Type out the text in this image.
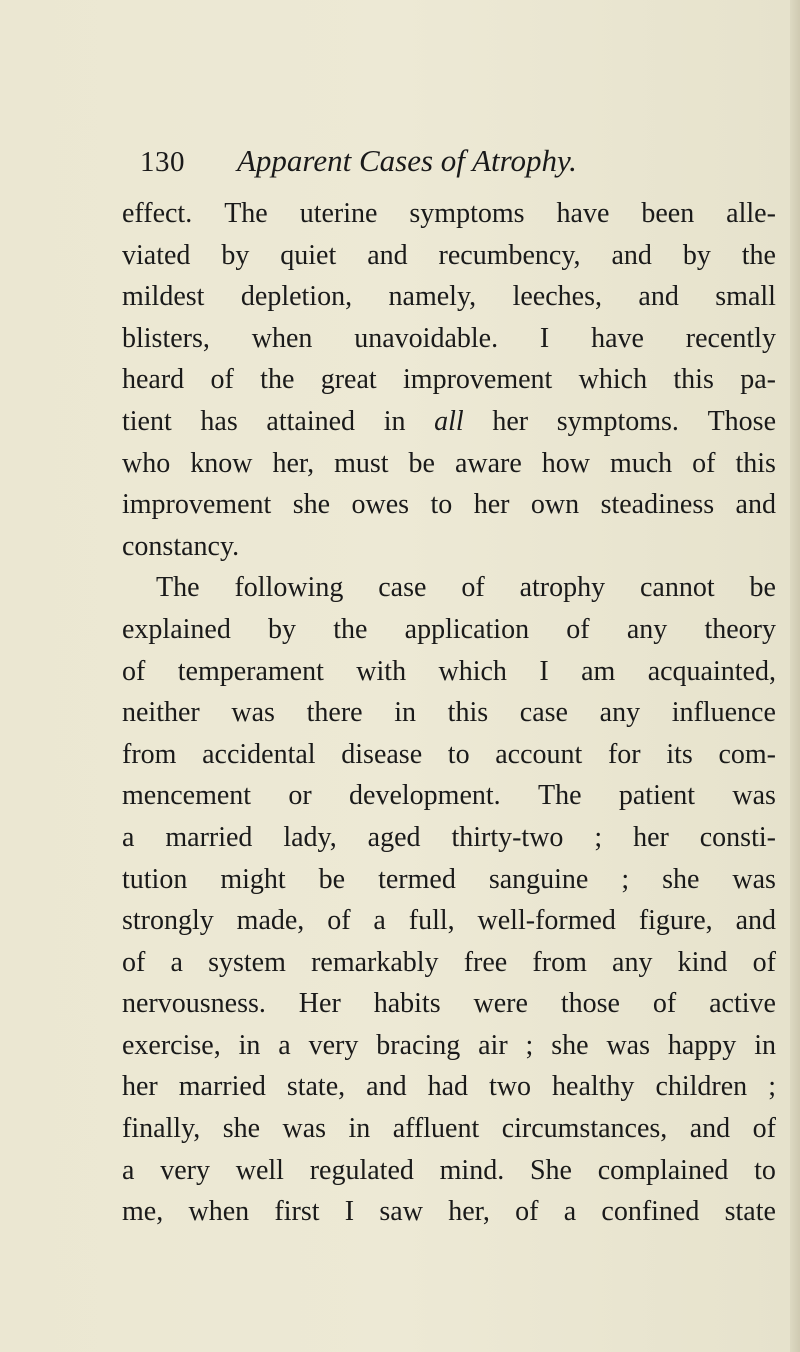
130 Apparent Cases of Atrophy.
effect. The uterine symptoms have been alle-
viated by quiet and recumbency, and by the
mildest depletion, namely, leeches, and small
blisters, when unavoidable. I have recently
heard of the great improvement which this pa-
tient has attained in all her symptoms. Those
who know her, must be aware how much of this
improvement she owes to her own steadiness and
constancy.
The following case of atrophy cannot be
explained by the application of any theory
of temperament with which I am acquainted,
neither was there in this case any influence
from accidental disease to account for its com-
mencement or development. The patient was
a married lady, aged thirty-two ; her consti-
tution might be termed sanguine ; she was
strongly made, of a full, well-formed figure, and
of a system remarkably free from any kind of
nervousness. Her habits were those of active
exercise, in a very bracing air ; she was happy in
her married state, and had two healthy children ;
finally, she was in affluent circumstances, and of
a very well regulated mind. She complained to
me, when first I saw her, of a confined state
